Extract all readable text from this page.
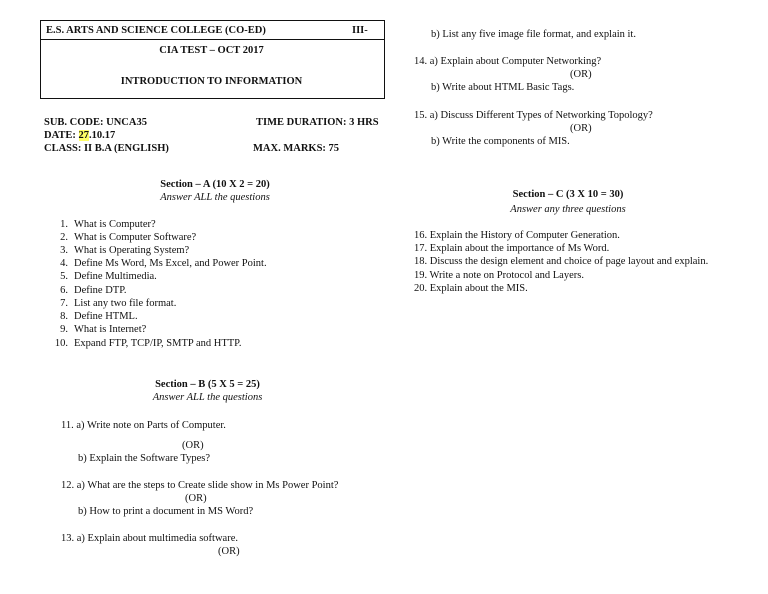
E.S. ARTS AND SCIENCE COLLEGE (CO-ED)	III-
CIA TEST – OCT 2017
INTRODUCTION TO INFORMATION
SUB. CODE: UNCA35	TIME DURATION: 3 HRS
DATE: 27.10.17
CLASS: II B.A (ENGLISH)	MAX. MARKS: 75
Section – A (10 X 2 = 20)
Answer ALL the questions
1. What is Computer?
2. What is Computer Software?
3. What is Operating System?
4. Define Ms Word, Ms Excel, and Power Point.
5. Define Multimedia.
6. Define DTP.
7. List any two file format.
8. Define HTML.
9. What is Internet?
10. Expand FTP, TCP/IP, SMTP and HTTP.
Section – B (5 X 5 = 25)
Answer ALL the questions
11. a) Write note on Parts of Computer.
(OR)
b) Explain the Software Types?
12. a) What are the steps to Create slide show in Ms Power Point?
(OR)
b) How to print a document in MS Word?
13. a) Explain about multimedia software.
(OR)
b) List any five image file format, and explain it.
14. a) Explain about Computer Networking?
(OR)
b) Write about HTML Basic Tags.
15. a) Discuss Different Types of Networking Topology?
(OR)
b) Write the components of MIS.
Section – C (3 X 10 = 30)
Answer any three questions
16. Explain the History of Computer Generation.
17. Explain about the importance of Ms Word.
18. Discuss the design element and choice of page layout and explain.
19. Write a note on Protocol and Layers.
20. Explain about the MIS.
